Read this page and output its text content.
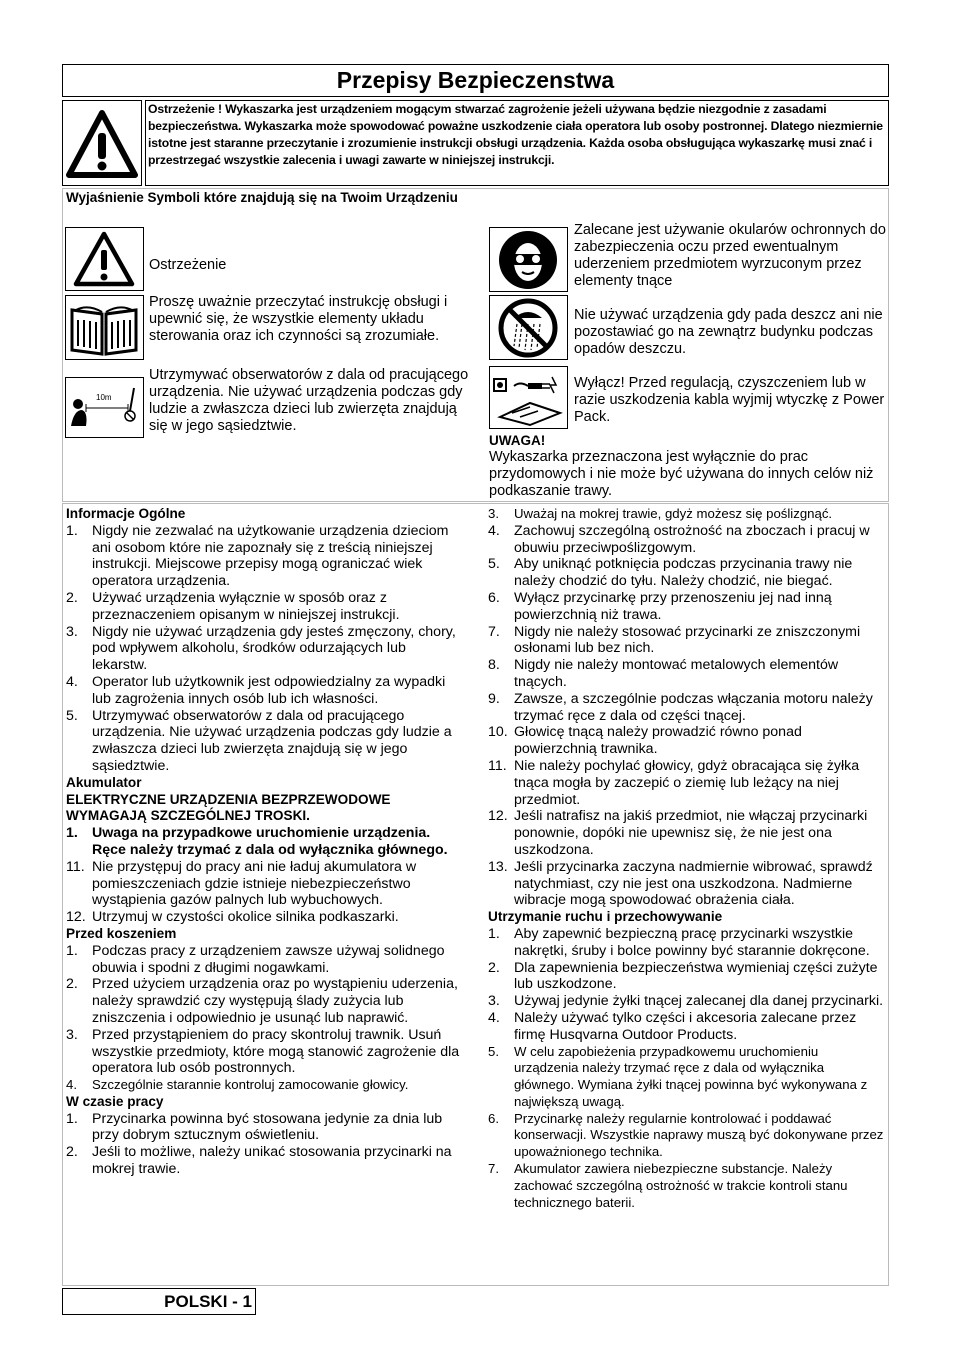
Przepisy Bezpieczenstwa
Ostrzeżenie ! Wykaszarka jest urządzeniem mogącym stwarzać zagrożenie jeżeli używana będzie niezgodnie z zasadami bezpieczeństwa. Wykaszarka może spowodować poważne uszkodzenie ciała operatora lub osoby postronnej. Dlatego niezmiernie istotne jest staranne przeczytanie i zrozumienie instrukcji obsługi urządzenia. Każda osoba obsługująca wykaszarkę musi znać i przestrzegać wszystkie zalecenia i uwagi zawarte w niniejszej instrukcji.
Wyjaśnienie Symboli które znajdują się na Twoim Urządzeniu
Ostrzeżenie
Proszę uważnie przeczytać instrukcję obsługi i upewnić się, że wszystkie elementy układu sterowania oraz ich czynności są zrozumiałe.
10m
Utrzymywać obserwatorów z dala od pracującego urządzenia. Nie używać urządzenia podczas gdy ludzie a zwłaszcza dzieci lub zwierzęta znajdują się w jego sąsiedztwie.
Zalecane jest używanie okularów ochronnych do zabezpieczenia oczu przed ewentualnym uderzeniem przedmiotem wyrzuconym przez elementy tnące
Nie używać urządzenia gdy pada deszcz ani nie pozostawiać go na zewnątrz budynku podczas opadów deszczu.
Wyłącz! Przed regulacją, czyszczeniem lub w razie uszkodzenia kabla wyjmij wtyczkę z Power Pack.
UWAGA!
Wykaszarka przeznaczona jest wyłącznie do prac przydomowych i nie może być używana do innych celów niż podkaszanie trawy.
Informacje Ogólne
1. Nigdy nie zezwalać na użytkowanie urządzenia dzieciom ani osobom które nie zapoznały się z treścią niniejszej instrukcji. Miejscowe przepisy mogą ograniczać wiek operatora urządzenia.
2. Używać urządzenia wyłącznie w sposób oraz z przeznaczeniem opisanym w niniejszej instrukcji.
3. Nigdy nie używać urządzenia gdy jesteś zmęczony, chory, pod wpływem alkoholu, środków odurzających lub lekarstw.
4. Operator lub użytkownik jest odpowiedzialny za wypadki lub zagrożenia innych osób lub ich własności.
5. Utrzymywać obserwatorów z dala od pracującego urządzenia. Nie używać urządzenia podczas gdy ludzie a zwłaszcza dzieci lub zwierzęta znajdują się w jego sąsiedztwie.
Akumulator
ELEKTRYCZNE URZĄDZENIA BEZPRZEWODOWE WYMAGAJĄ SZCZEGÓLNEJ TROSKI.
1. Uwaga na przypadkowe uruchomienie urządzenia. Ręce należy trzymać z dala od wyłącznika głównego.
11. Nie przystępuj do pracy ani nie ładuj akumulatora w pomieszczeniach gdzie istnieje niebezpieczeństwo wystąpienia gazów palnych lub wybuchowych.
12. Utrzymuj w czystości okolice silnika podkaszarki.
Przed koszeniem
1. Podczas pracy z urządzeniem zawsze używaj solidnego obuwia i spodni z długimi nogawkami.
2. Przed użyciem urządzenia oraz po wystąpieniu uderzenia, należy sprawdzić czy występują ślady zużycia lub zniszczenia i odpowiednio je usunąć lub naprawić.
3. Przed przystąpieniem do pracy skontroluj trawnik. Usuń wszystkie przedmioty, które mogą stanowić zagrożenie dla operatora lub osób postronnych.
4.	Szczególnie starannie kontroluj zamocowanie głowicy.
W czasie pracy
1. Przycinarka powinna być stosowana jedynie za dnia lub przy dobrym sztucznym oświetleniu.
2. Jeśli to możliwe, należy unikać stosowania przycinarki na mokrej trawie.
3.	Uważaj na mokrej trawie, gdyż możesz się poślizgnąć.
4. Zachowuj szczególną ostrożność na zboczach i pracuj w obuwiu przeciwpoślizgowym.
5. Aby uniknąć potknięcia podczas przycinania trawy nie należy chodzić do tyłu. Należy chodzić, nie biegać.
6. Wyłącz przycinarkę przy przenoszeniu jej nad inną powierzchnią niż trawa.
7. Nigdy nie należy stosować przycinarki ze zniszczonymi osłonami lub bez nich.
8. Nigdy nie należy montować metalowych elementów tnących.
9. Zawsze, a szczególnie podczas włączania motoru należy trzymać ręce z dala od części tnącej.
10. Głowicę tnącą należy prowadzić równo ponad powierzchnią trawnika.
11. Nie należy pochylać głowicy, gdyż obracająca się żyłka tnąca mogła by zaczepić o ziemię lub leżący na niej przedmiot.
12. Jeśli natrafisz na jakiś przedmiot, nie włączaj przycinarki ponownie, dopóki nie upewnisz się, że nie jest ona uszkodzona.
13. Jeśli przycinarka zaczyna nadmiernie wibrować, sprawdź natychmiast, czy nie jest ona uszkodzona. Nadmierne wibracje mogą spowodować obrażenia ciała.
Utrzymanie ruchu i przechowywanie
1. Aby zapewnić bezpieczną pracę przycinarki wszystkie nakrętki, śruby i bolce powinny być starannie dokręcone.
2. Dla zapewnienia bezpieczeństwa wymieniaj części zużyte lub uszkodzone.
3. Używaj jedynie żyłki tnącej zalecanej dla danej przycinarki.
4. Należy używać tylko części i akcesoria zalecane przez firmę Husqvarna Outdoor Products.
5.	W celu zapobieżenia przypadkowemu uruchomieniu urządzenia należy trzymać ręce z dala od wyłącznika głównego. Wymiana żyłki tnącej powinna być wykonywana z największą uwagą.
6.	Przycinarkę należy regularnie kontrolować i poddawać konserwacji. Wszystkie naprawy muszą być dokonywane przez upoważnionego technika.
7.	Akumulator zawiera niebezpieczne substancje. Należy zachować szczególną ostrożność w trakcie kontroli stanu technicznego baterii.
POLSKI - 1
